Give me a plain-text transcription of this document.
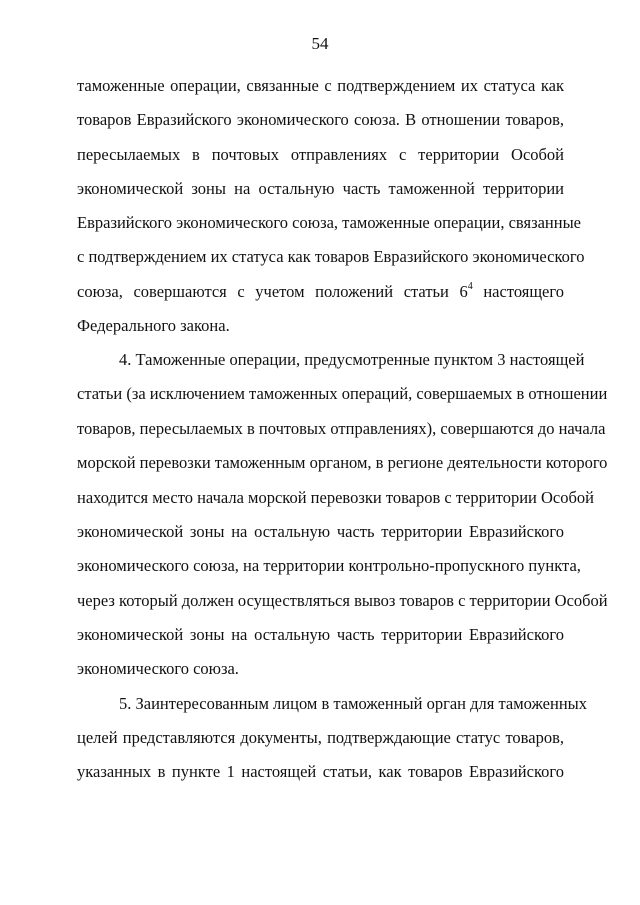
54
таможенные операции, связанные с подтверждением их статуса как
товаров Евразийского экономического союза. В отношении товаров,
пересылаемых в почтовых отправлениях с территории Особой
экономической зоны на остальную часть таможенной территории
Евразийского экономического союза, таможенные операции, связанные
с подтверждением их статуса как товаров Евразийского экономического
союза, совершаются с учетом положений статьи $6^4$ настоящего
Федерального закона.
4. Таможенные операции, предусмотренные пунктом 3 настоящей
статьи (за исключением таможенных операций, совершаемых в отношении
товаров, пересылаемых в почтовых отправлениях), совершаются до начала
морской перевозки таможенным органом, в регионе деятельности которого
находится место начала морской перевозки товаров с территории Особой
экономической зоны на остальную часть территории Евразийского
экономического союза, на территории контрольно-пропускного пункта,
через который должен осуществляться вывоз товаров с территории Особой
экономической зоны на остальную часть территории Евразийского
экономического союза.
5. Заинтересованным лицом в таможенный орган для таможенных
целей представляются документы, подтверждающие статус товаров,
указанных в пункте 1 настоящей статьи, как товаров Евразийского
